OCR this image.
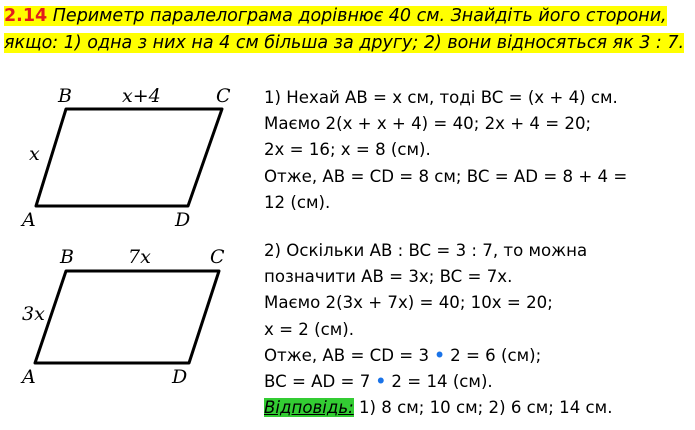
2.14 Периметр паралелограма дорівнює 40 см. Знайдіть його сторони, якщо: 1) одна з них на 4 см більша за другу; 2) вони відносяться як 3 : 7.
B	x+4	C
x
A	D
B	7x	C
3x
A	D
1) Нехай AB = x см, тоді BC = (x + 4) см.
Маємо 2(x + x + 4) = 40; 2x + 4 = 20;
2x = 16; x = 8 (см).
Отже, AB = CD = 8 см; BC = AD = 8 + 4 =
12 (см).
2) Оскільки AB : BC = 3 : 7, то можна
позначити AB = 3x; BC = 7x.
Маємо 2(3x + 7x) = 40; 10x = 20;
x = 2 (см).
Отже, AB = CD = 3 • 2 = 6 (см);
BC = AD = 7 • 2 = 14 (см).
Відповідь: 1) 8 см; 10 см; 2) 6 см; 14 см.
